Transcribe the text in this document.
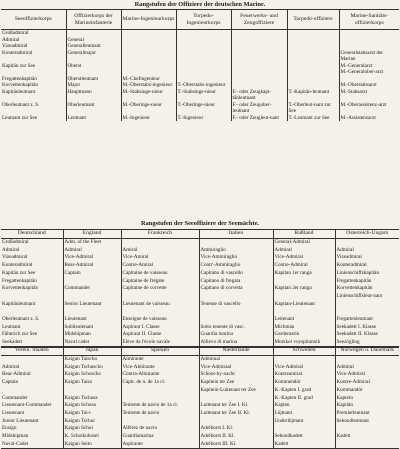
Rangstufen der Offiziere der deutschen Marine.
Seeoffizierkorps	Offizierkorps der Marineinfanterie	Marine-Ingenieurkorps	Torpedo-Ingenieurkorps	Feuerwerks- und Zeugoffiziere	Torpedo-offiziere	Marine-Sanitäts-offizierkorps
Großadmiral						
Admiral	General					
Vizeadmiral	Generalleutnant					
Konteradmiral	Generalmajor					Generalstabsarzt der Marine
Kapitän zur See	Oberst					M.-Generalarzt
						M.-Generalober-arzt
Fregattenkapitän	Oberstleutnant	M.-Chefingenieur				
Korvettenkapitän	Major	M.-Oberstabs-ingenieur	T.-Oberstabs-ingenieur			M.-Oberstabsarzt
Kapitänleutnant	Hauptmann	M.-Stabsinge-nieur	T.-Stabsinge-nieur	F.- oder Zeugkapi-tänleutnant	T.-Kapitän-leutnant	M.-Stabsarzt
Oberleutnant z. S.	Oberleutnant	M.-Oberinge-nieur	T.-Oberinge-nieur	F.- oder Zeugober-leutnant	T.-Oberleut-nant zur See	M.-Oberassistenz-arzt
Leutnant zur See	Leutnant	M.-Ingenieur	T.-Ingenieur	F.- oder Zeugleut-nant	T.-Leutnant zur See	M.-Assistenzarzt
Rangstufen der Seeoffiziere der Seemächte.
Deutschland	England	Frankreich	Italien	Rußland	Österreich-Ungarn
Großadmiral	Adm. of the Fleet			General-Admiral	
Admiral	Admiral	Amiral	Ammiraglio	Admiral	Admiral
Vizeadmiral	Vice-Admiral	Vice-Amiral	Vice-Ammiraglio	Vice-Admiral	Vizeadmiral
Konteradmiral	Rear-Admiral	Contre-Amiral	Contr'-Ammiraglio	Contre-Admiral	Konteradmiral
Kapitän zur See	Captain	Capitaine de vaisseau	Capitano di vascello	Kapitan 1er ranga	Linienschiffskapitän
Fregattenkapitän		Capitaine de frégate	Capitano di fregata		Fregattenkapitän
Korvettenkapitän	Commander	Capitaine de corvette	Capitano di corvetta	Kapitan 2er ranga	Korvettenkapitän
					Linienschiffsleut-nant
Kapitänleutnant	Senior Lieutenant	Lieutenant de vaisseau	Tenente di vascello	Kapitan-Lieutenant	

Oberleutnant z. S.	Lieutenant	Enseigne de vaisseau		Leitenant	Fregattenleutnant
Leutnant	Sublieutenant	Aspirant I. Classe	Sotto tenente di vasc.	Michman	Seekadett I. Klasse
Fähnrich zur See	Midshipman	Aspirant II. Classe	Guardia marina	Gardemarin	Seekadett II. Klasse
Seekadett	Naval cadet	Elève de l'école navale	Allievo di marina	Morskoi voyspitannik	Seezögling
Verein. Staaten	Japan	Spanien	Niederlande	Schweden	Norwegen u. Dänemark
	Kaigun Taischo	Almirante	Admiraal		
Admiral	Kaigun Tschuscho	Vice-Almirante	Vice-Admiraal	Vice-Admiral	Admiral
Rear-Admiral	Kaigun Schoscho	Contra-Almirante	Schout-by-nacht	Kontreamiral	Vice-Admiral
Captain	Kaigun Taisa	Capit. de n. de 1a cl.	Kapitein ter Zee	Kommendör	Kontre-Admiral
			Kapitein-Luitenant ter Zee	K.-Kapten I. grad	Kommandör
Commander	Kaigun Tschusa			K.-Kapten II. grad	Kaptein
Lieutenant-Commander	Kaigun Schosa	Teniente de navio de 1a cl.	Luitenant ter Zee I. Kl.	Kapten	Kapitän
Lieutenant	Kaigun Tai-i	Teniente de navio	Luitenant ter Zee II. Kl.	Löjtnant	Premierleutnant
Junior Lieutenant	Kaigun Tschui			Underlöjtnant	Sekondleutnant
Ensign	Kaigun Schoi	Alférez de navio	Adelborst I. Kl.		
Midshipman	K. Schoikohosei	Guardiamarina	Adelborst II. Kl.	Sekondkadett	Kadett
Naval-Cadet	Kaigun Seito	Aspirante	Adelborst III. Kl.	Kadett	
